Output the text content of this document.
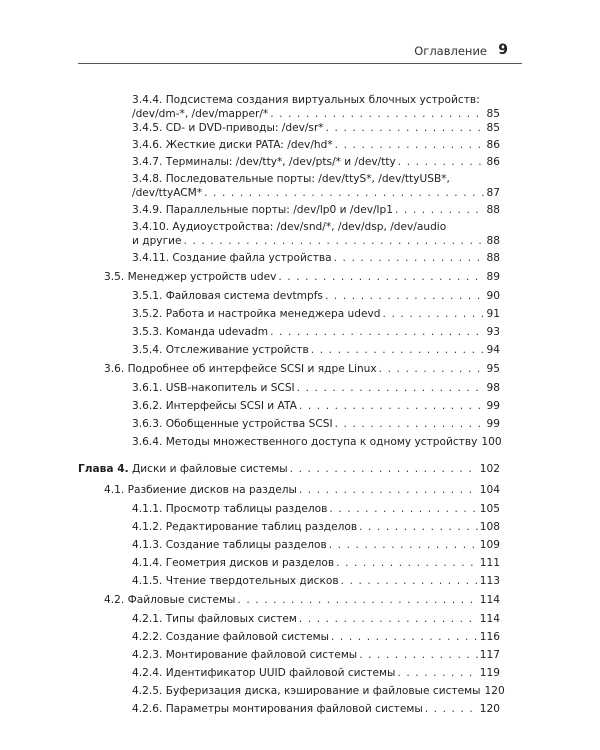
Оглавление 9
3.4.4. Подсистема создания виртуальных блочных устройств:
/dev/dm-*, /dev/mapper/* . . .	85
3.4.5. CD- и DVD-приводы: /dev/sr* . . .	85
3.4.6. Жесткие диски PATA: /dev/hd* . . .	86
3.4.7. Терминалы: /dev/tty*, /dev/pts/* и /dev/tty . . .	86
3.4.8. Последовательные порты: /dev/ttyS*, /dev/ttyUSB*,
/dev/ttyACM* . . .	87
3.4.9. Параллельные порты: /dev/lp0 и /dev/lp1 . . .	88
3.4.10. Аудиоустройства: /dev/snd/*, /dev/dsp, /dev/audio
и другие . . .	88
3.4.11. Создание файла устройства . . .	88
3.5. Менеджер устройств udev . . .	89
3.5.1. Файловая система devtmpfs . . .	90
3.5.2. Работа и настройка менеджера udevd . . .	91
3.5.3. Команда udevadm . . .	93
3.5.4. Отслеживание устройств . . .	94
3.6. Подробнее об интерфейсе SCSI и ядре Linux . . .	95
3.6.1. USB-накопитель и SCSI . . .	98
3.6.2. Интерфейсы SCSI и ATA . . .	99
3.6.3. Обобщенные устройства SCSI . . .	99
3.6.4. Методы множественного доступа к одному устройству 100
Глава 4. Диски и файловые системы . . .	102
4.1. Разбиение дисков на разделы . . .	104
4.1.1. Просмотр таблицы разделов . . .	105
4.1.2. Редактирование таблиц разделов . . .	108
4.1.3. Создание таблицы разделов . . .	109
4.1.4. Геометрия дисков и разделов . . .	111
4.1.5. Чтение твердотельных дисков . . .	113
4.2. Файловые системы . . .	114
4.2.1. Типы файловых систем . . .	114
4.2.2. Создание файловой системы . . .	116
4.2.3. Монтирование файловой системы . . .	117
4.2.4. Идентификатор UUID файловой системы . . .	119
4.2.5. Буферизация диска, кэширование и файловые системы 120
4.2.6. Параметры монтирования файловой системы . . .	120
